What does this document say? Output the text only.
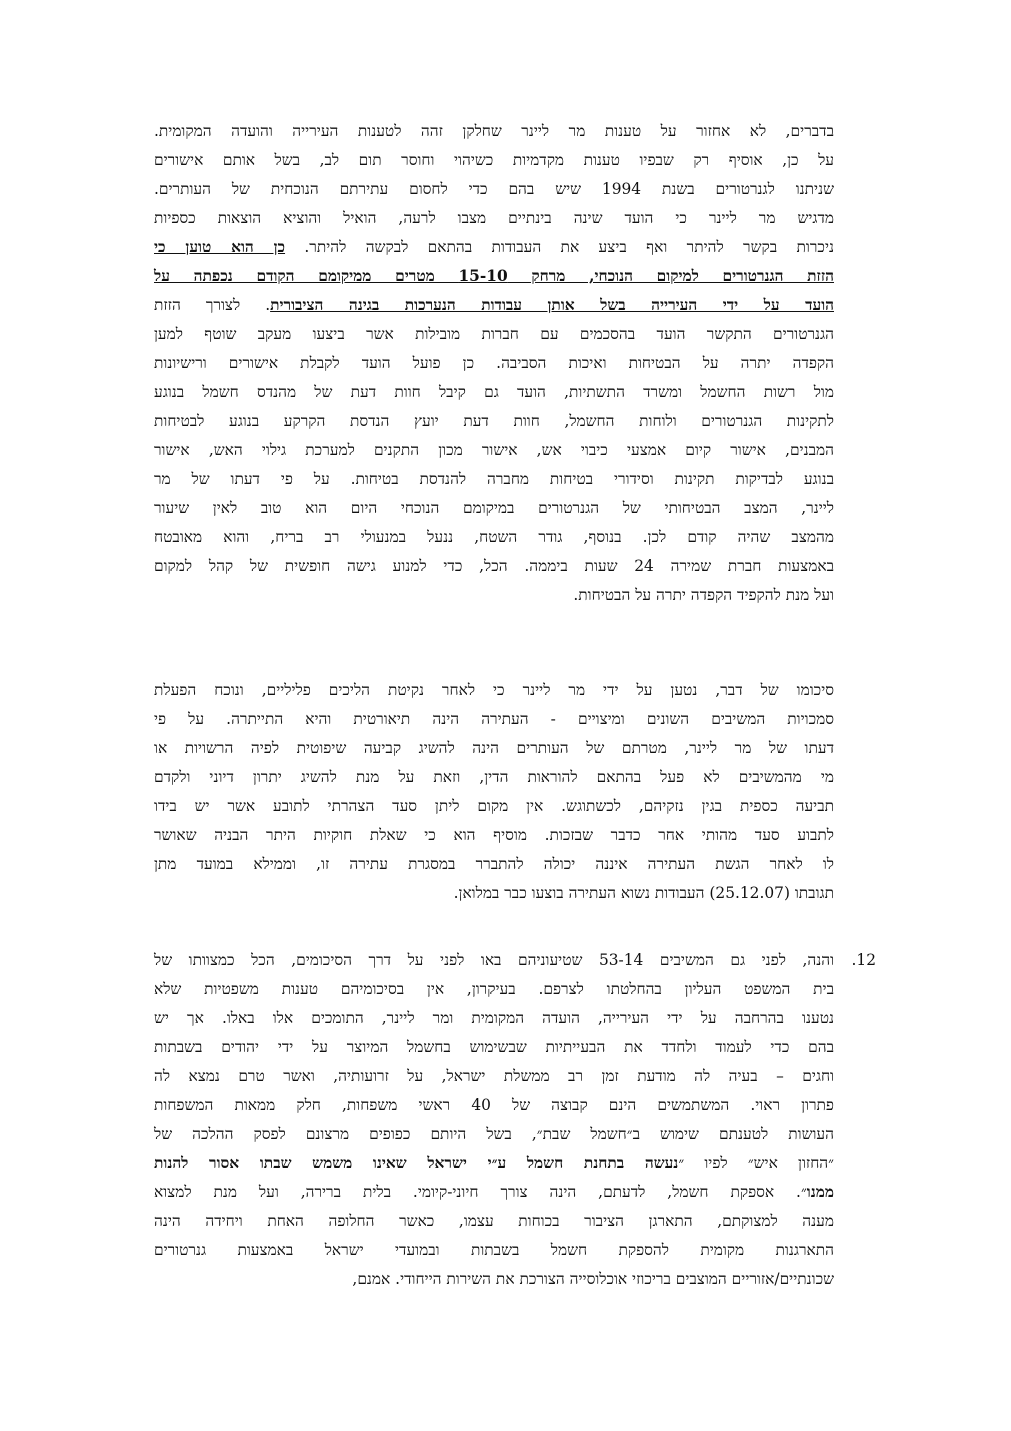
בדברים, לא אחזור על טענות מר ליינר שחלקן זהה לטענות העירייה והועדה המקומית.
על כן, אוסיף רק שבפיו טענות מקדמיות כשיהוי וחוסר תום לב, בשל אותם אישורים
שניתנו לגנרטורים בשנת 1994 שיש בהם כדי לחסום עתירתם הנוכחית של העותרים.
מדגיש מר ליינר כי הועד שינה בינתיים מצבו לרעה, הואיל והוציא הוצאות כספיות
ניכרות בקשר להיתר ואף ביצע את העבודות בהתאם לבקשה להיתר. כן הוא טוען כי
הזזת הגנרטורים למיקום הנוכחי, מרחק 15-10 מטרים ממיקומם הקודם נכפתה על
הועד על ידי העירייה בשל אותן עבודות הנערכות בגינה הציבורית. לצורך הזזת
הגנרטורים התקשר הועד בהסכמים עם חברות מובילות אשר ביצעו מעקב שוטף למען
הקפדה יתרה על הבטיחות ואיכות הסביבה. כן פועל הועד לקבלת אישורים ורישיונות
מול רשות החשמל ומשרד התשתיות, הועד גם קיבל חוות דעת של מהנדס חשמל בנוגע
לתקינות הגנרטורים ולוחות החשמל, חוות דעת יועץ הנדסת הקרקע בנוגע לבטיחות
המבנים, אישור קיום אמצעי כיבוי אש, אישור מכון התקנים למערכת גילוי האש, אישור
בנוגע לבדיקות תקינות וסידורי בטיחות מחברה להנדסת בטיחות. על פי דעתו של מר
ליינר, המצב הבטיחותי של הגנרטורים במיקומם הנוכחי היום הוא טוב לאין שיעור
מהמצב שהיה קודם לכן. בנוסף, גודר השטח, ננעל במנעולי רב בריח, והוא מאובטח
באמצעות חברת שמירה 24 שעות ביממה. הכל, כדי למנוע גישה חופשית של קהל למקום
ועל מנת להקפיד הקפדה יתרה על הבטיחות.
סיכומו של דבר, נטען על ידי מר ליינר כי לאחר נקיטת הליכים פליליים, ונוכח הפעלת
סמכויות המשיבים השונים ומיצויים - העתירה הינה תיאורטית והיא התייתרה. על פי
דעתו של מר ליינר, מטרתם של העותרים הינה להשיג קביעה שיפוטית לפיה הרשויות או
מי מהמשיבים לא פעל בהתאם להוראות הדין, וזאת על מנת להשיג יתרון דיוני ולקדם
תביעה כספית בגין נזקיהם, לכשתוגש. אין מקום ליתן סעד הצהרתי לתובע אשר יש בידו
לתבוע סעד מהותי אחר כדבר שבזכות. מוסיף הוא כי שאלת חוקיות היתר הבניה שאושר
לו לאחר הגשת העתירה איננה יכולה להתברר במסגרת עתירה זו, וממילא במועד מתן
תגובתו (25.12.07) העבודות נשוא העתירה בוצעו כבר במלואן.
12.
והנה, לפני גם המשיבים 53-14 שטיעוניהם באו לפני על דרך הסיכומים, הכל כמצוותו של
בית המשפט העליון בהחלטתו לצרפם. בעיקרון, אין בסיכומיהם טענות משפטיות שלא
נטענו בהרחבה על ידי העירייה, הועדה המקומית ומר ליינר, התומכים אלו באלו. אך יש
בהם כדי לעמוד ולחדד את הבעייתיות שבשימוש בחשמל המיוצר על ידי יהודים בשבתות
וחגים – בעיה לה מודעת זמן רב ממשלת ישראל, על זרועותיה, ואשר טרם נמצא לה
פתרון ראוי. המשתמשים הינם קבוצה של 40 ראשי משפחות, חלק ממאות המשפחות
העושות לטענתם שימוש ב״חשמל שבת״, בשל היותם כפופים מרצונם לפסק ההלכה של
״החזון איש״ לפיו ״נעשה בתחנת חשמל ע״י ישראל שאינו משמש שבתו אסור להנות
ממנו״. אספקת חשמל, לדעתם, הינה צורך חיוני-קיומי. בלית ברירה, ועל מנת למצוא
מענה למצוקתם, התארגן הציבור בכוחות עצמו, כאשר החלופה האחת ויחידה הינה
התארגנות מקומית להספקת חשמל בשבתות ובמועדי ישראל באמצעות גנרטורים
שכונתיים/אזוריים המוצבים בריכוזי אוכלוסייה הצורכת את השירות הייחודי. אמנם,
